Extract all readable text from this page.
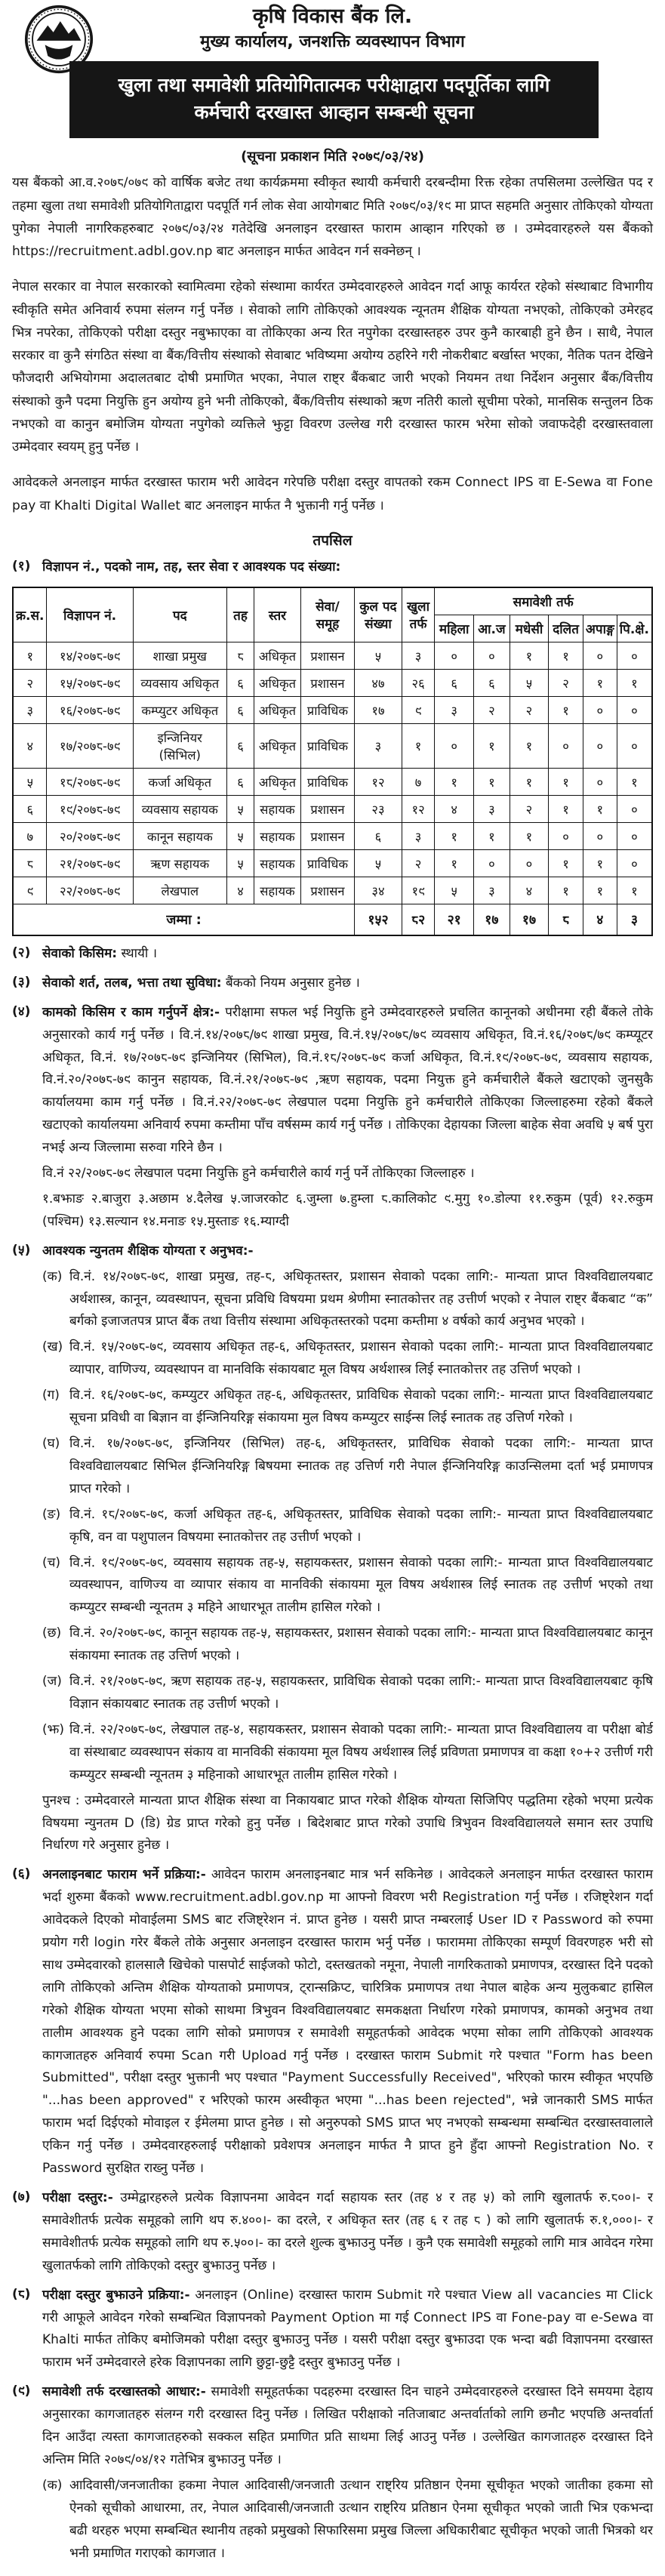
कृषि विकास बैंक लि.
मुख्य कार्यालय, जनशक्ति व्यवस्थापन विभाग
खुला तथा समावेशी प्रतियोगितात्मक परीक्षाद्वारा पदपूर्तिका लागि
कर्मचारी दरखास्त आव्हान सम्बन्धी सूचना
(सूचना प्रकाशन मिति २०७९/०३/२४)

यस बैंकको आ.व.२०७८/०७९ को वार्षिक बजेट तथा कार्यक्रममा स्वीकृत स्थायी कर्मचारी दरबन्दीमा रिक्त रहेका तपसिलमा उल्लेखित पद र तहमा खुला तथा समावेशी प्रतियोगिताद्वारा पदपूर्ति गर्न लोक सेवा आयोगबाट मिति २०७९/०३/१९ मा प्राप्त सहमति अनुसार तोकिएको योग्यता पुगेका नेपाली नागरिकहरुबाट २०७९/०३/२४ गतेदेखि अनलाइन दरखास्त फाराम आव्हान गरिएको छ । उम्मेदवारहरुले यस बैंकको https://recruitment.adbl.gov.np बाट अनलाइन मार्फत आवेदन गर्न सक्नेछन् ।

नेपाल सरकार वा नेपाल सरकारको स्वामित्वमा रहेको संस्थामा कार्यरत उम्मेदवारहरुले आवेदन गर्दा आफू कार्यरत रहेको संस्थाबाट विभागीय स्वीकृति समेत अनिवार्य रुपमा संलग्न गर्नु पर्नेछ । सेवाको लागि तोकिएको आवश्यक न्यूनतम शैक्षिक योग्यता नभएको, तोकिएको उमेरहद भित्र नपरेका, तोकिएको परीक्षा दस्तुर नबुझाएका वा तोकिएका अन्य रित नपुगेका दरखास्तहरु उपर कुनै कारबाही हुने छैन । साथै, नेपाल सरकार वा कुनै संगठित संस्था वा बैंक/वित्तीय संस्थाको सेवाबाट भविष्यमा अयोग्य ठहरिने गरी नोकरीबाट बर्खास्त भएका, नैतिक पतन देखिने फौजदारी अभियोगमा अदालतबाट दोषी प्रमाणित भएका, नेपाल राष्ट्र बैंकबाट जारी भएको नियमन तथा निर्देशन अनुसार बैंक/वित्तीय संस्थाको कुनै पदमा नियुक्ति हुन अयोग्य हुने भनी तोकिएको, बैंक/वित्तीय संस्थाको ऋण नतिरी कालो सूचीमा परेको, मानसिक सन्तुलन ठिक नभएको वा कानुन बमोजिम योग्यता नपुगेको व्यक्तिले झुट्टा विवरण उल्लेख गरी दरखास्त फारम भरेमा सोको जवाफदेही दरखास्तवाला उम्मेदवार स्वयम् हुनु पर्नेछ ।

आवेदकले अनलाइन मार्फत दरखास्त फाराम भरी आवेदन गरेपछि परीक्षा दस्तुर वापतको रकम Connect IPS वा E-Sewa वा Fone pay वा Khalti Digital Wallet बाट अनलाइन मार्फत नै भुक्तानी गर्नु पर्नेछ ।

तपसिल
(१) विज्ञापन नं., पदको नाम, तह, स्तर सेवा र आवश्यक पद संख्या:
क्र.स.	विज्ञापन नं.	पद	तह	स्तर	सेवा/ समूह	कुल पद संख्या	खुला तर्फ	समावेशी तर्फ					
								महिला	आ.ज	मधेसी	दलित	अपाङ्ग	पि.क्षे.
१	१४/२०७८-७९	शाखा प्रमुख	८	अधिकृत	प्रशासन	५	३	०	०	१	१	०	०
२	१५/२०७८-७९	व्यवसाय अधिकृत	६	अधिकृत	प्रशासन	४७	२६	६	६	५	२	१	१
३	१६/२०७८-७९	कम्प्युटर अधिकृत	६	अधिकृत	प्राविधिक	१७	९	३	२	२	१	०	०
४	१७/२०७८-७९	इन्जिनियर (सिभिल)	६	अधिकृत	प्राविधिक	३	१	०	१	१	०	०	०
५	१८/२०७८-७९	कर्जा अधिकृत	६	अधिकृत	प्राविधिक	१२	७	१	१	१	१	०	१
६	१९/२०७८-७९	व्यवसाय सहायक	५	सहायक	प्रशासन	२३	१२	४	३	२	१	१	०
७	२०/२०७८-७९	कानून सहायक	५	सहायक	प्रशासन	६	३	१	१	१	०	०	०
८	२१/२०७८-७९	ऋण सहायक	५	सहायक	प्राविधिक	५	२	१	०	०	१	१	०
९	२२/२०७८-७९	लेखपाल	४	सहायक	प्रशासन	३४	१९	५	३	४	१	१	१
जम्मा :						१५२	८२	२१	१७	१७	८	४	३
(२) सेवाको किसिम: स्थायी ।
(३) सेवाको शर्त, तलब, भत्ता तथा सुविधा: बैंकको नियम अनुसार हुनेछ ।
(४) कामको किसिम र काम गर्नुपर्ने क्षेत्र:- परीक्षामा सफल भई नियुक्ति हुने उम्मेदवारहरुले प्रचलित कानूनको अधीनमा रही बैंकले तोके अनुसारको कार्य गर्नु पर्नेछ । वि.नं.१४/२०७८/७९ शाखा प्रमुख, वि.नं.१५/२०७८/७९ व्यवसाय अधिकृत, वि.नं.१६/२०७८/७९ कम्प्यूटर अधिकृत, वि.नं. १७/२०७८-७९ इन्जिनियर (सिभिल), वि.नं.१८/२०७८-७९ कर्जा अधिकृत, वि.नं.१९/२०७८-७९, व्यवसाय सहायक, वि.नं.२०/२०७८-७९ कानुन सहायक, वि.नं.२१/२०७८-७९ ,ऋण सहायक, पदमा नियुक्त हुने कर्मचारीले बैंकले खटाएको जुनसुकै कार्यालयमा काम गर्नु पर्नेछ । वि.नं.२२/२०७८-७९ लेखपाल पदमा नियुक्ति हुने कर्मचारीले तोकिएका जिल्लाहरुमा रहेको बैंकले खटाएको कार्यालयमा अनिवार्य रुपमा कम्तीमा पाँच वर्षसम्म कार्य गर्नु पर्नेछ । तोकिएका देहायका जिल्ला बाहेक सेवा अवधि ५ बर्ष पुरा नभई अन्य जिल्लामा सरुवा गरिने छैन ।
वि.नं २२/२०७८-७९ लेखपाल पदमा नियुक्ति हुने कर्मचारीले कार्य गर्नु पर्ने तोकिएका जिल्लाहरु ।
१.बझाङ २.बाजुरा ३.अछाम ४.दैलेख ५.जाजरकोट ६.जुम्ला ७.हुम्ला ८.कालिकोट ९.मुगु १०.डोल्पा ११.रुकुम (पूर्व) १२.रुकुम (पश्चिम) १३.सल्यान १४.मनाङ १५.मुस्ताङ १६.म्याग्दी
(५) आवश्यक न्युनतम शैक्षिक योग्यता र अनुभव:-
(क) वि.नं. १४/२०७८-७९, शाखा प्रमुख, तह-८, अधिकृतस्तर, प्रशासन सेवाको पदका लागि:- मान्यता प्राप्त विश्वविद्यालयबाट अर्थशास्त्र, कानून, व्यवस्थापन, सूचना प्रविधि विषयमा प्रथम श्रेणीमा स्नातकोत्तर तह उत्तीर्ण भएको र नेपाल राष्ट्र बैंकबाट “क” बर्गको इजाजतपत्र प्राप्त बैंक तथा वित्तीय संस्थामा अधिकृतस्तरको पदमा कम्तीमा ४ वर्षको कार्य अनुभव भएको ।
(ख) वि.नं. १५/२०७८-७९, व्यवसाय अधिकृत तह-६, अधिकृतस्तर, प्रशासन सेवाको पदका लागि:- मान्यता प्राप्त विश्वविद्यालयबाट व्यापार, वाणिज्य, व्यवस्थापन वा मानविकि संकायबाट मूल विषय अर्थशास्त्र लिई स्नातकोत्तर तह उत्तिर्ण भएको ।
(ग) वि.नं. १६/२०७८-७९, कम्प्युटर अधिकृत तह-६, अधिकृतस्तर, प्राविधिक सेवाको पदका लागि:- मान्यता प्राप्त विश्वविद्यालयबाट सूचना प्रविधी वा बिज्ञान वा ईन्जिनियरिङ्ग संकायमा मुल विषय कम्प्युटर साईन्स लिई स्नातक तह उत्तिर्ण गरेको ।
(घ) वि.नं. १७/२०७८-७९, इन्जिनियर (सिभिल) तह-६, अधिकृतस्तर, प्राविधिक सेवाको पदका लागि:- मान्यता प्राप्त विश्वविद्यालयबाट सिभिल ईन्जिनियरिङ्ग बिषयमा स्नातक तह उत्तिर्ण गरी नेपाल ईन्जिनियरिङ्ग काउन्सिलमा दर्ता भई प्रमाणपत्र प्राप्त गरेको ।
(ङ) वि.नं. १८/२०७८-७९, कर्जा अधिकृत तह-६, अधिकृतस्तर, प्राविधिक सेवाको पदका लागि:- मान्यता प्राप्त विश्वविद्यालयबाट कृषि, वन वा पशुपालन विषयमा स्नातकोत्तर तह उत्तीर्ण भएको ।
(च) वि.नं. १९/२०७८-७९, व्यवसाय सहायक तह-५, सहायकस्तर, प्रशासन सेवाको पदका लागि:- मान्यता प्राप्त विश्वविद्यालयबाट व्यवस्थापन, वाणिज्य वा व्यापार संकाय वा मानविकी संकायमा मूल विषय अर्थशास्त्र लिई स्नातक तह उत्तीर्ण भएको तथा कम्प्युटर सम्बन्धी न्यूनतम ३ महिने आधारभूत तालीम हासिल गरेको ।
(छ) वि.नं. २०/२०७८-७९, कानून सहायक तह-५, सहायकस्तर, प्रशासन सेवाको पदका लागि:- मान्यता प्राप्त विश्वविद्यालयबाट कानून संकायमा स्नातक तह उत्तिर्ण भएको ।
(ज) वि.नं. २१/२०७८-७९, ऋण सहायक तह-५, सहायकस्तर, प्राविधिक सेवाको पदका लागि:- मान्यता प्राप्त विश्वविद्यालयबाट कृषि विज्ञान संकायबाट स्नातक तह उत्तीर्ण भएको ।
(झ) वि.नं. २२/२०७८-७९, लेखपाल तह-४, सहायकस्तर, प्रशासन सेवाको पदका लागि:- मान्यता प्राप्त विश्वविद्यालय वा परीक्षा बोर्ड वा संस्थाबाट व्यवस्थापन संकाय वा मानविकी संकायमा मूल विषय अर्थशास्त्र लिई प्रविणता प्रमाणपत्र वा कक्षा १०+२ उत्तीर्ण गरी कम्प्युटर सम्बन्धी न्यूनतम ३ महिनाको आधारभूत तालीम हासिल गरेको ।
पुनश्च : उम्मेदवारले मान्यता प्राप्त शैक्षिक संस्था वा निकायबाट प्राप्त गरेको शैक्षिक योग्यता सिजिपिए पद्धतिमा रहेको भएमा प्रत्येक विषयमा न्युनतम D (डि) ग्रेड प्राप्त गरेको हुनु पर्नेछ । बिदेशबाट प्राप्त गरेको उपाधि त्रिभुवन विश्वविद्यालयले समान स्तर उपाधि निर्धारण गरे अनुसार हुनेछ ।
(६) अनलाइनबाट फाराम भर्ने प्रक्रिया:- आवेदन फाराम अनलाइनबाट मात्र भर्न सकिनेछ । आवेदकले अनलाइन मार्फत दरखास्त फाराम भर्दा शुरुमा बैंकको www.recruitment.adbl.gov.np मा आफ्नो विवरण भरी Registration गर्नु पर्नेछ । रजिष्ट्रेशन गर्दा आवेदकले दिएको मोवाईलमा SMS बाट रजिष्ट्रेशन नं. प्राप्त हुनेछ । यसरी प्राप्त नम्बरलाई User ID र Password को रुपमा प्रयोग गरी login गरेर बैंकले तोके अनुसार अनलाइन दरखास्त फाराम भर्नु पर्नेछ । फाराममा तोकिएका सम्पूर्ण विवरणहरु भरी सो साथ उम्मेदवारको हालसालै खिचेको पासपोर्ट साईजको फोटो, दस्तखतको नमूना, नेपाली नागरिकताको प्रमाणपत्र, दरखास्त दिने पदको लागि तोकिएको अन्तिम शैक्षिक योग्यताको प्रमाणपत्र, ट्रान्सक्रिप्ट, चारित्रिक प्रमाणपत्र तथा नेपाल बाहेक अन्य मुलुकबाट हासिल गरेको शैक्षिक योग्यता भएमा सोको साथमा त्रिभुवन विश्वविद्यालयबाट समकक्षता निर्धारण गरेको प्रमाणपत्र, कामको अनुभव तथा तालीम आवश्यक हुने पदका लागि सोको प्रमाणपत्र र समावेशी समूहतर्फको आवेदक भएमा सोका लागि तोकिएको आवश्यक कागजातहरु अनिवार्य रुपमा Scan गरी Upload गर्नु पर्नेछ । दरखास्त फाराम Submit गरे पश्चात "Form has been Submitted", परीक्षा दस्तुर भुक्तानी भए पश्चात "Payment Successfully Received", भरिएको फारम स्वीकृत भएपछि "...has been approved" र भरिएको फारम अस्वीकृत भएमा "...has been rejected", भन्ने जानकारी SMS मार्फत फाराम भर्दा दिईएको मोवाइल र ईमेलमा प्राप्त हुनेछ । सो अनुरुपको SMS प्राप्त भए नभएको सम्बन्धमा सम्बन्धित दरखास्तवालाले एकिन गर्नु पर्नेछ । उम्मेदवारहरुलाई परीक्षाको प्रवेशपत्र अनलाइन मार्फत नै प्राप्त हुने हुँदा आफ्नो Registration No. र Password सुरक्षित राख्नु पर्नेछ ।
(७) परीक्षा दस्तुर:- उम्मेद्वारहरुले प्रत्येक विज्ञापनमा आवेदन गर्दा सहायक स्तर (तह ४ र तह ५) को लागि खुलातर्फ रु.८००।- र समावेशीतर्फ प्रत्येक समूहको लागि थप रु.४००।- का दरले, र अधिकृत स्तर (तह ६ र तह ८ ) को लागि खुलातर्फ रु.१,०००।- र समावेशीतर्फ प्रत्येक समूहको लागि थप रु.५००।- का दरले शुल्क बुझाउनु पर्नेछ । कुनै एक समावेशी समूहको लागि मात्र आवेदन गरेमा खुलातर्फको लागि तोकिएको दस्तुर बुझाउनु पर्नेछ ।
(८) परीक्षा दस्तुर बुझाउने प्रक्रिया:- अनलाइन (Online) दरखास्त फाराम Submit गरे पश्चात View all vacancies मा Click गरी आफूले आवेदन गरेको सम्बन्धित विज्ञापनको Payment Option मा गई Connect IPS वा Fone-pay वा e-Sewa वा Khalti मार्फत तोकिए बमोजिमको परीक्षा दस्तुर बुझाउनु पर्नेछ । यसरी परीक्षा दस्तुर बुझाउदा एक भन्दा बढी विज्ञापनमा दरखास्त फाराम भर्ने उम्मेदवारले हरेक विज्ञापनका लागि छुट्टा-छुट्टै दस्तुर बुझाउनु पर्नेछ ।
(९) समावेशी तर्फ दरखास्तको आधार:- समावेशी समूहतर्फका पदहरुमा दरखास्त दिन चाहने उम्मेदवारहरुले दरखास्त दिने समयमा देहाय अनुसारका कागजातहरु संलग्न गरी दरखास्त दिनु पर्नेछ । लिखित परीक्षाको नतिजाबाट अन्तर्वार्ताको लागि छनौट भएपछि अन्तर्वार्ता दिन आउँदा त्यस्ता कागजातहरुको सक्कल सहित प्रमाणित प्रति साथमा लिई आउनु पर्नेछ । उल्लेखित कागजातहरु दरखास्त दिने अन्तिम मिति २०७९/०४/१२ गतेभित्र बुझाउनु पर्नेछ ।
(क) आदिवासी/जनजातीका हकमा नेपाल आदिवासी/जनजाती उत्थान राष्ट्रिय प्रतिष्ठान ऐनमा सूचीकृत भएको जातीका हकमा सो ऐनको सूचीको आधारमा, तर, नेपाल आदिवासी/जनजाती उत्थान राष्ट्रिय प्रतिष्ठान ऐनमा सूचीकृत भएको जाती भित्र एकभन्दा बढी थरहरु भएमा सम्बन्धित स्थानीय तहको प्रमुखको सिफारिसमा प्रमुख जिल्ला अधिकारीबाट सूचीकृत भएको जाती भित्रको थर भनी प्रमाणित गराएको कागजात ।
